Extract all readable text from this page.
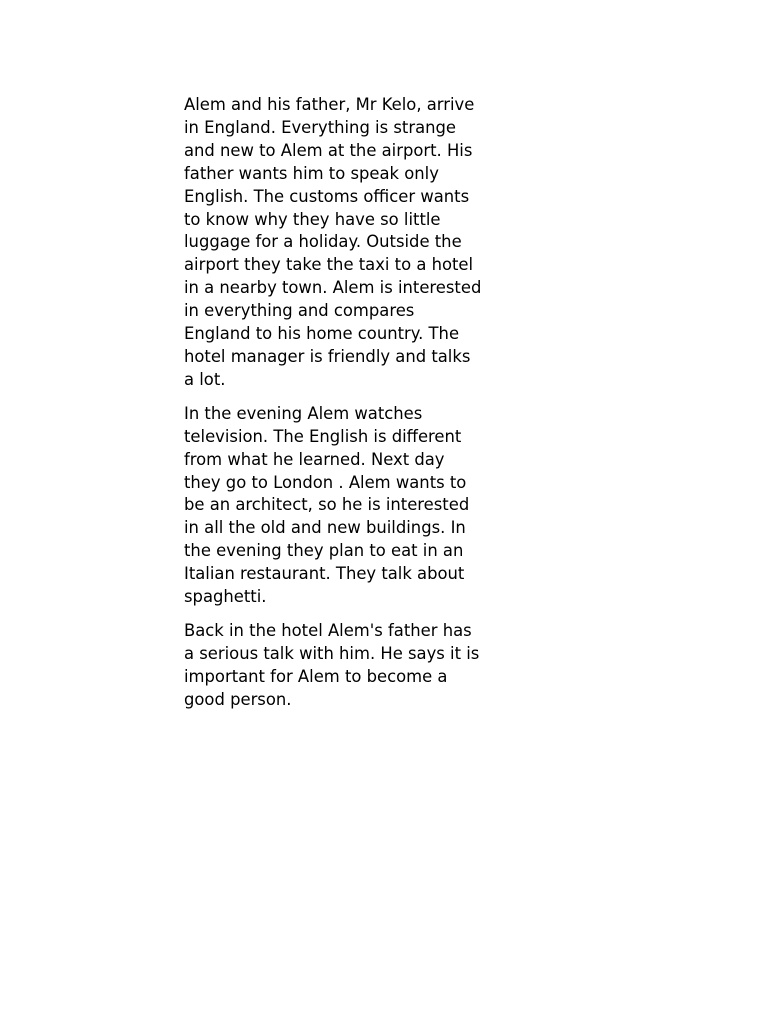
Alem and his father, Mr Kelo, arrive
in England. Everything is strange
and new to Alem at the airport. His
father wants him to speak only
English. The customs officer wants
to know why they have so little
luggage for a holiday. Outside the
airport they take the taxi to a hotel
in a nearby town. Alem is interested
in everything and compares
England to his home country. The
hotel manager is friendly and talks
a lot.

In the evening Alem watches
television. The English is different
from what he learned. Next day
they go to London . Alem wants to
be an architect, so he is interested
in all the old and new buildings. In
the evening they plan to eat in an
Italian restaurant. They talk about
spaghetti.

Back in the hotel Alem's father has
a serious talk with him. He says it is
important for Alem to become a
good person.
